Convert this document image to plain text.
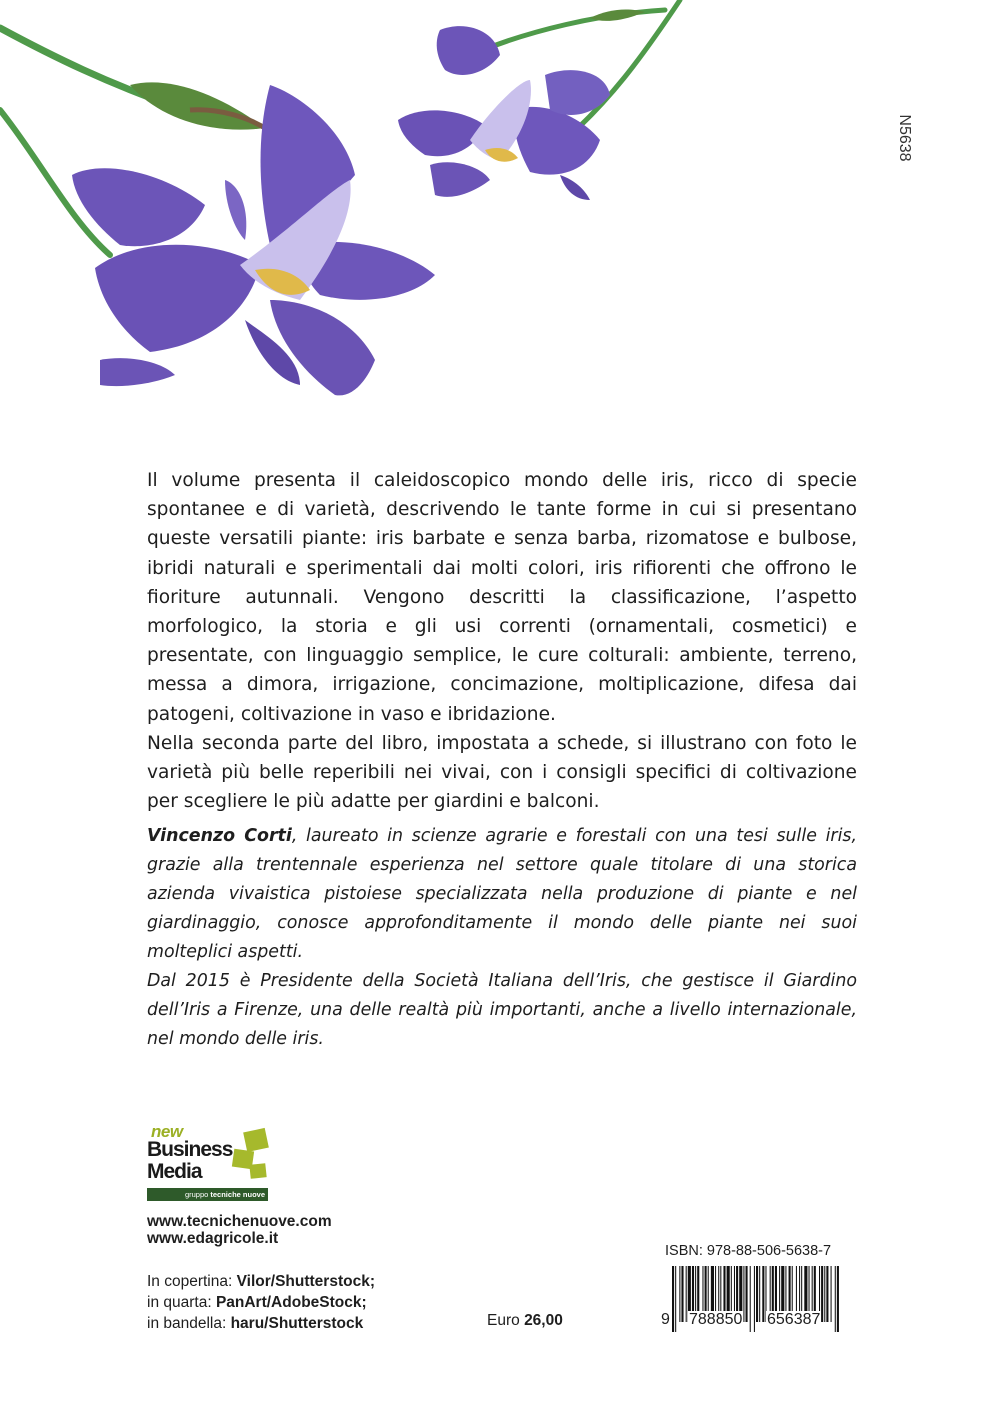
N5638

Il volume presenta il caleidoscopico mondo delle iris, ricco di specie spontanee e di varietà, descrivendo le tante forme in cui si presentano queste versatili piante: iris barbate e senza barba, rizomatose e bulbose, ibridi naturali e sperimentali dai molti colori, iris rifiorenti che offrono le fioriture autunnali. Vengono descritti la classificazione, l’aspetto morfologico, la storia e gli usi correnti (ornamentali, cosmetici) e presentate, con linguaggio semplice, le cure colturali: ambiente, terreno, messa a dimora, irrigazione, concimazione, moltiplicazione, difesa dai patogeni, coltivazione in vaso e ibridazione.

Nella seconda parte del libro, impostata a schede, si illustrano con foto le varietà più belle reperibili nei vivai, con i consigli specifici di coltivazione per scegliere le più adatte per giardini e balconi.

Vincenzo Corti, laureato in scienze agrarie e forestali con una tesi sulle iris, grazie alla trentennale esperienza nel settore quale titolare di una storica azienda vivaistica pistoiese specializzata nella produzione di piante e nel giardinaggio, conosce approfonditamente il mondo delle piante nei suoi molteplici aspetti.

Dal 2015 è Presidente della Società Italiana dell’Iris, che gestisce il Giardino dell’Iris a Firenze, una delle realtà più importanti, anche a livello internazionale, nel mondo delle iris.

new
Business
Media
gruppo tecniche nuove
www.tecnichenuove.com
www.edagricole.it
In copertina: Vilor/Shutterstock;
in quarta: PanArt/AdobeStock;
in bandella: haru/Shutterstock	Euro 26,00
ISBN: 978-88-506-5638-7
9 788850 656387
